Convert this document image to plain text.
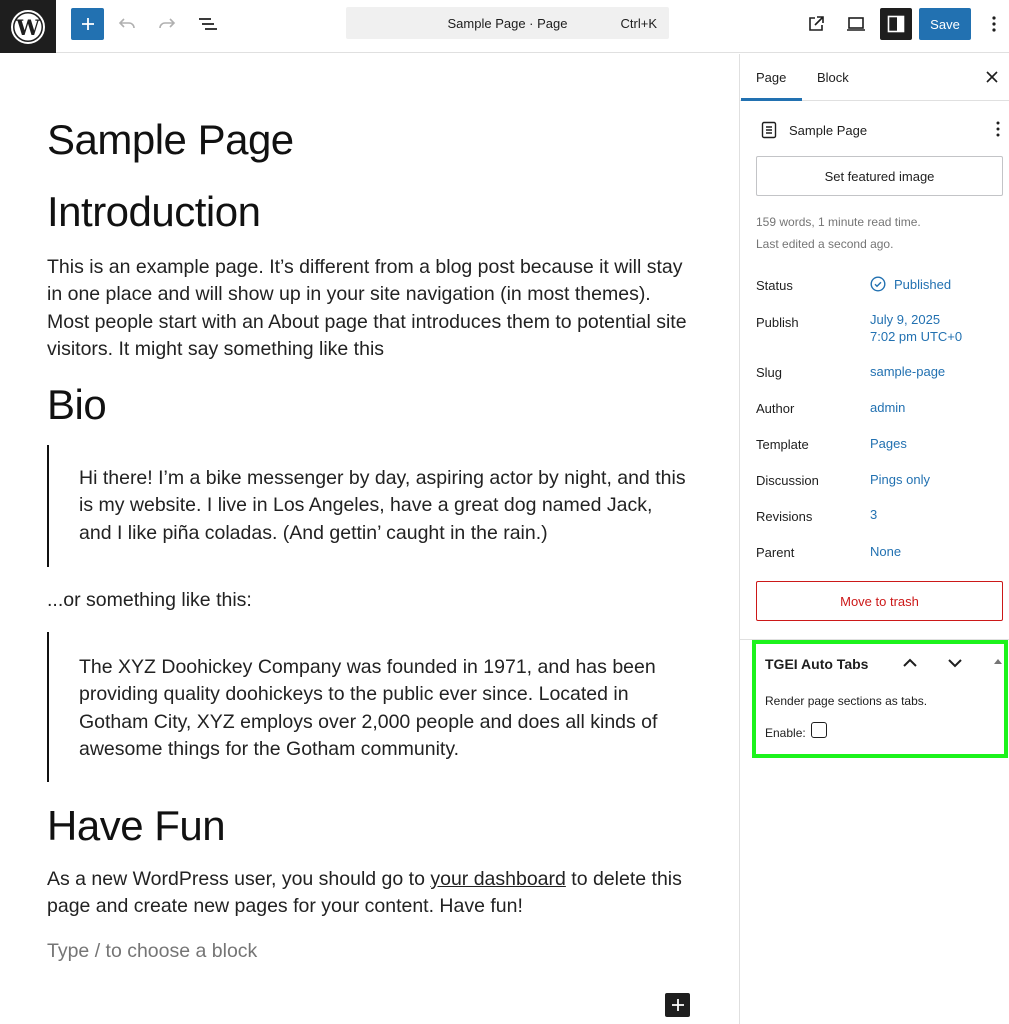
W	Sample Page · Page	Ctrl+K	Save
Sample Page
Introduction

This is an example page. It’s different from a blog post because it will stay in one place and will show up in your site navigation (in most themes). Most people start with an About page that introduces them to potential site visitors. It might say something like this

Bio

Hi there! I’m a bike messenger by day, aspiring actor by night, and this is my website. I live in Los Angeles, have a great dog named Jack, and I like piña coladas. (And gettin’ caught in the rain.)

...or something like this:

The XYZ Doohickey Company was founded in 1971, and has been providing quality doohickeys to the public ever since. Located in Gotham City, XYZ employs over 2,000 people and does all kinds of awesome things for the Gotham community.

Have Fun

As a new WordPress user, you should go to your dashboard to delete this page and create new pages for your content. Have fun!

Type / to choose a block

Page Block
Sample Page
Set featured image
159 words, 1 minute read time.
Last edited a second ago.
Status	Published
Publish	July 9, 2025
7:02 pm UTC+0
Slug	sample-page
Author	admin
Template	Pages
Discussion	Pings only
Revisions	3
Parent	None
Move to trash
TGEI Auto Tabs
Render page sections as tabs.
Enable:
